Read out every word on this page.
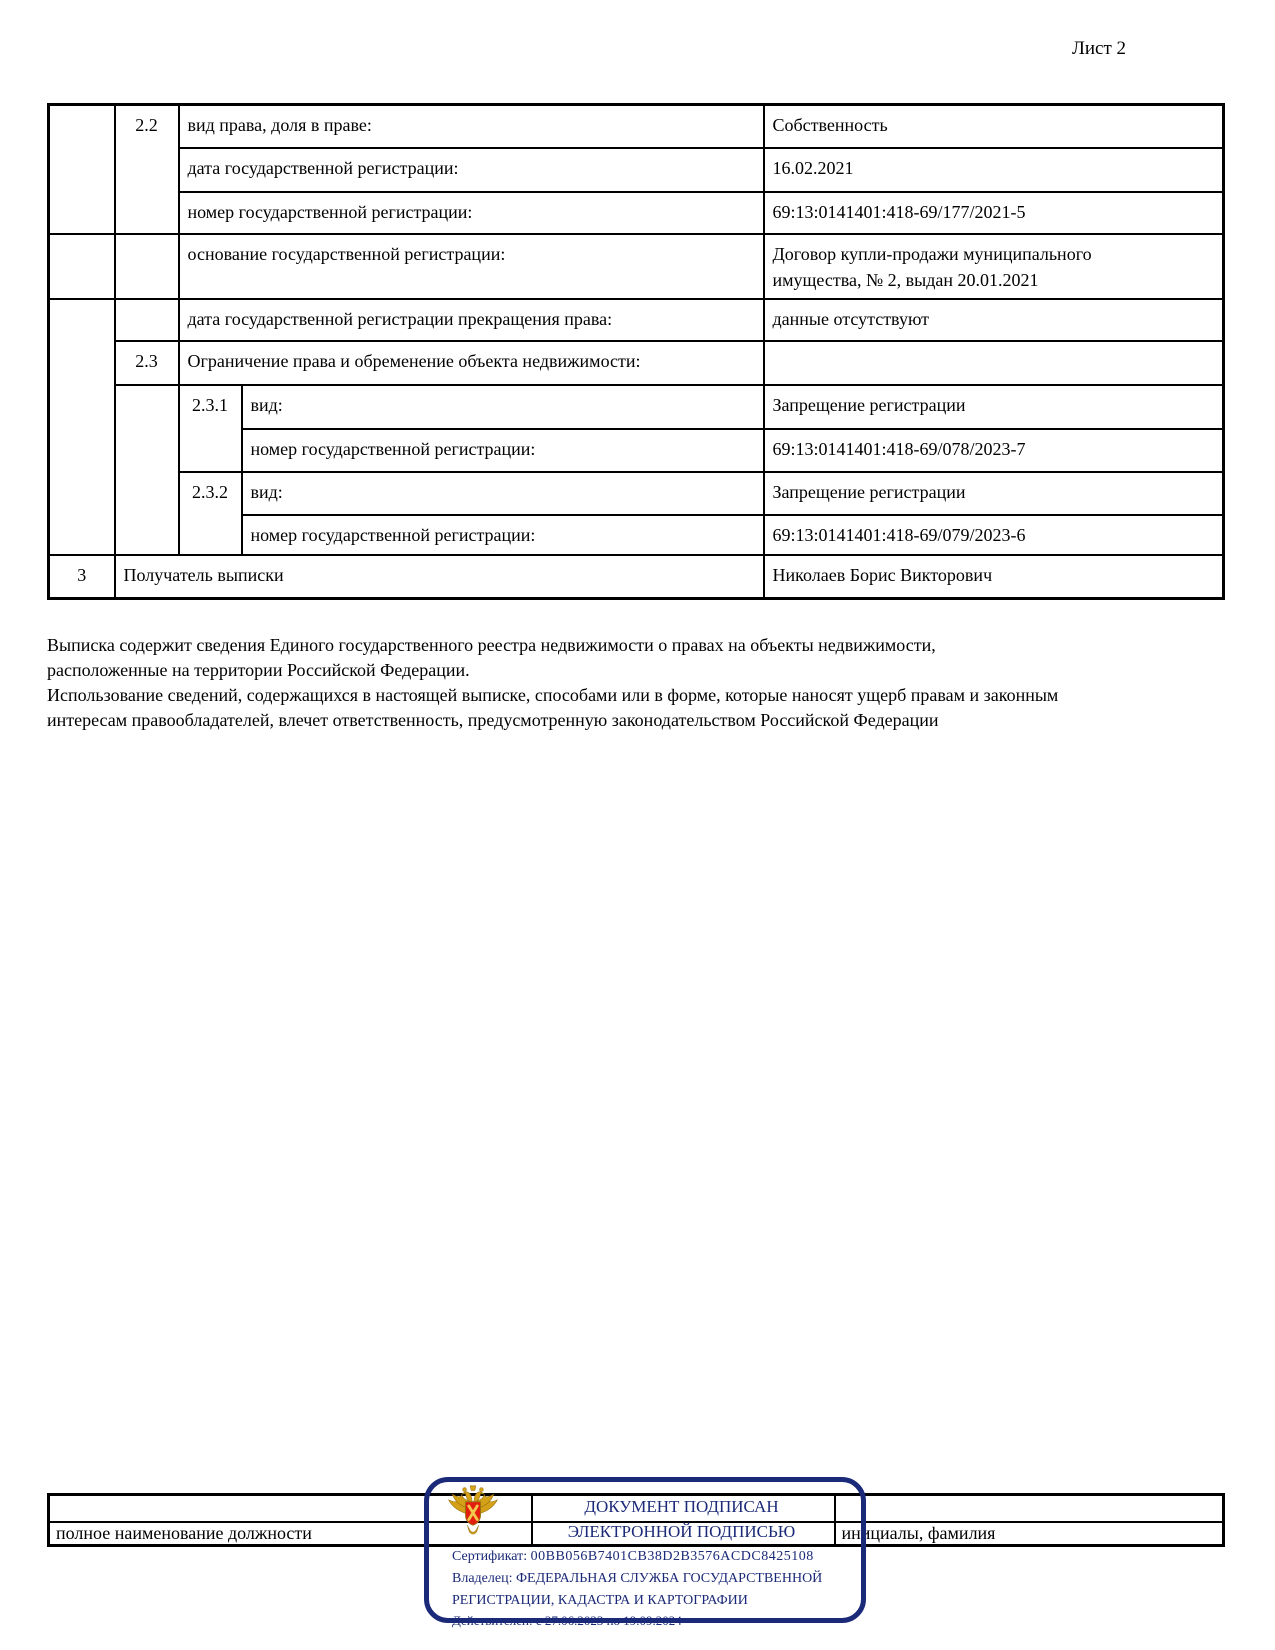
Лист 2
	2.2	вид права, доля в праве:		Собственность
		дата государственной регистрации:		16.02.2021
		номер государственной регистрации:		69:13:0141401:418-69/177/2021-5
		основание государственной регистрации:		Договор купли-продажи муниципального
имущества, № 2, выдан 20.01.2021

		дата государственной регистрации прекращения права:		данные отсутствуют
	2.3	Ограничение права и обременение объекта недвижимости:		
		2.3.1	вид:	Запрещение регистрации
			номер государственной регистрации:	69:13:0141401:418-69/078/2023-7
		2.3.2	вид:	Запрещение регистрации
			номер государственной регистрации:	69:13:0141401:418-69/079/2023-6
3	Получатель выписки			Николаев Борис Викторович
Выписка содержит сведения Единого государственного реестра недвижимости о правах на объекты недвижимости,
расположенные на территории Российской Федерации.
Использование сведений, содержащихся в настоящей выписке, способами или в форме, которые наносят ущерб правам и законным
интересам правообладателей, влечет ответственность, предусмотренную законодательством Российской Федерации

полное наименование должности		инициалы, фамилия
ДОКУМЕНТ ПОДПИСАН
ЭЛЕКТРОННОЙ ПОДПИСЬЮ
Сертификат: 00BB056B7401CB38D2B3576ACDC8425108
Владелец: ФЕДЕРАЛЬНАЯ СЛУЖБА ГОСУДАРСТВЕННОЙ
РЕГИСТРАЦИИ, КАДАСТРА И КАРТОГРАФИИ
Действителен: с 27.06.2023 по 19.09.2024
